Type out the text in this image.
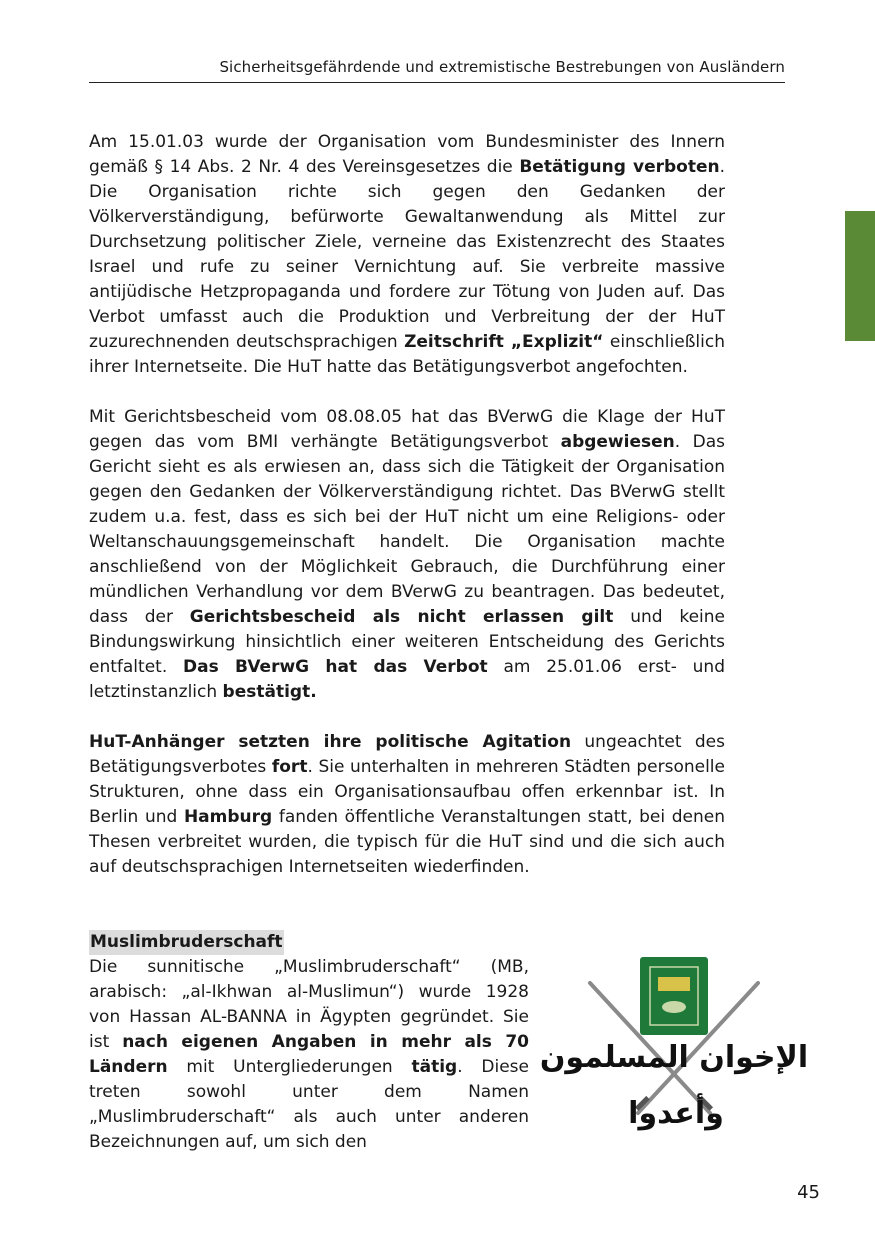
Sicherheitsgefährdende und extremistische Bestrebungen von Ausländern

Am 15.01.03 wurde der Organisation vom Bundesminister des Innern gemäß § 14 Abs. 2 Nr. 4 des Vereinsgesetzes die Betätigung verboten. Die Organisation richte sich gegen den Gedanken der Völkerverständigung, befürworte Gewaltanwendung als Mittel zur Durchsetzung politischer Ziele, verneine das Existenzrecht des Staates Israel und rufe zu seiner Vernichtung auf. Sie verbreite massive antijüdische Hetzpropaganda und fordere zur Tötung von Juden auf. Das Verbot umfasst auch die Produktion und Verbreitung der der HuT zuzurechnenden deutschsprachigen Zeitschrift „Explizit“ einschließlich ihrer Internetseite. Die HuT hatte das Betätigungsverbot angefochten.

Mit Gerichtsbescheid vom 08.08.05 hat das BVerwG die Klage der HuT gegen das vom BMI verhängte Betätigungsverbot abgewiesen. Das Gericht sieht es als erwiesen an, dass sich die Tätigkeit der Organisation gegen den Gedanken der Völkerverständigung richtet. Das BVerwG stellt zudem u.a. fest, dass es sich bei der HuT nicht um eine Religions- oder Weltanschauungsgemeinschaft handelt. Die Organisation machte anschließend von der Möglichkeit Gebrauch, die Durchführung einer mündlichen Verhandlung vor dem BVerwG zu beantragen. Das bedeutet, dass der Gerichtsbescheid als nicht erlassen gilt und keine Bindungswirkung hinsichtlich einer weiteren Entscheidung des Gerichts entfaltet. Das BVerwG hat das Verbot am 25.01.06 erst- und letztinstanzlich bestätigt.

HuT-Anhänger setzten ihre politische Agitation ungeachtet des Betätigungsverbotes fort. Sie unterhalten in mehreren Städten personelle Strukturen, ohne dass ein Organisationsaufbau offen erkennbar ist. In Berlin und Hamburg fanden öffentliche Veranstaltungen statt, bei denen Thesen verbreitet wurden, die typisch für die HuT sind und die sich auch auf deutschsprachigen Internetseiten wiederfinden.

Muslimbruderschaft

Die sunnitische „Muslimbruderschaft“ (MB, arabisch: „al-Ikhwan al-Muslimun“) wurde 1928 von Hassan AL-BANNA in Ägypten gegründet. Sie ist nach eigenen Angaben in mehr als 70 Ländern mit Untergliederungen tätig. Diese treten sowohl unter dem Namen „Muslimbruderschaft“ als auch unter anderen Bezeichnungen auf, um sich den

الإخوان المسلمون
وأعدوا
45
